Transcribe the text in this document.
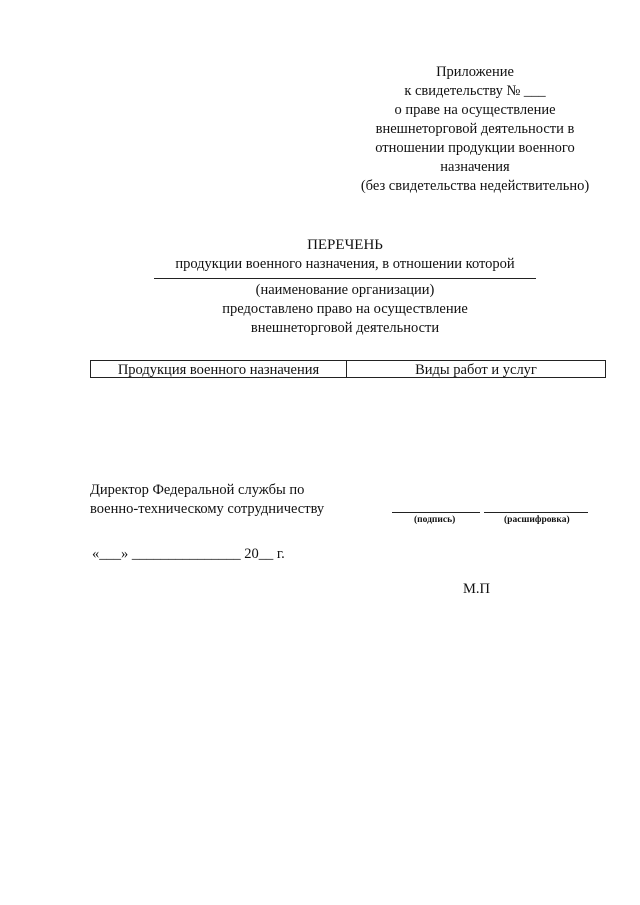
Приложение
к свидетельству № ___
о праве на осуществление
внешнеторговой деятельности в
отношении продукции военного
назначения
(без свидетельства недействительно)
ПЕРЕЧЕНЬ
продукции военного назначения, в отношении которой
(наименование организации)
предоставлено право на осуществление
внешнеторговой деятельности
Продукция военного назначения	Виды работ и услуг
Директор Федеральной службы по
военно-техническому сотрудничеству
(подпись)	(расшифровка)
«___» _______________ 20__ г.
М.П
